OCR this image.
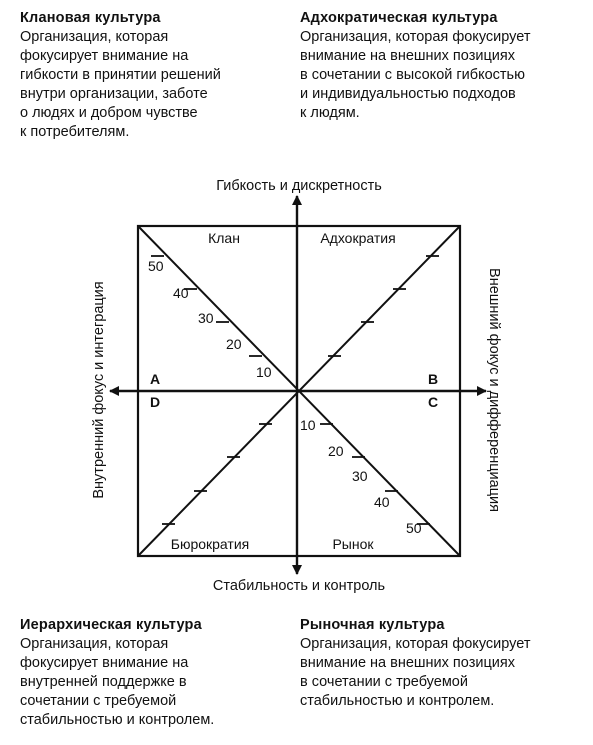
Клановая культура
Организация, которая
фокусирует внимание на
гибкости в принятии решений
внутри организации, заботе
о людях и добром чувстве
к потребителям.
Адхократическая культура
Организация, которая фокусирует
внимание на внешних позициях
в сочетании с высокой гибкостью
и индивидуальностью подходов
к людям.
Гибкость и дискретность
Стабильность и контроль
Внутренний фокус и интеграция	Внешний фокус и дифференциация
Клан	Адхократия
Бюрократия	Рынок
A	B
C
D
10
20
30
40
50
10
20
30
40
50
Иерархическая культура
Организация, которая
фокусирует внимание на
внутренней поддержке в
сочетании с требуемой
стабильностью и контролем.
Рыночная культура
Организация, которая фокусирует
внимание на внешних позициях
в сочетании с требуемой
стабильностью и контролем.
